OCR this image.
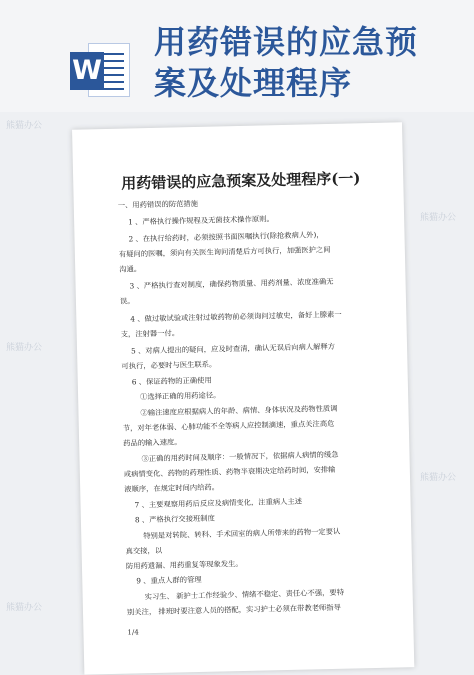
W
用药错误的应急预
案及处理程序
熊猫办公
熊猫办公
熊猫办公
熊猫办公
熊猫办公
用药错误的应急预案及处理程序(一)
一、用药错误的防范措施
1 、严格执行操作规程及无菌技术操作原则。
2 、在执行给药时，必须按照书面医嘱执行(除抢救病人外)，
有疑问的医嘱，须向有关医生询问清楚后方可执行，加强医护之间
沟通。
3 、严格执行查对制度，确保药物质量、用药剂量、浓度准确无
误。
4 、做过敏试验或注射过敏药物前必须询问过敏史，备好上腺素一
支，注射器一付。
5 、对病人提出的疑问，应及时查清，确认无误后向病人解释方
可执行，必要时与医生联系。
6 、保证药物的正确使用
①选择正确的用药途径。
②输注速度应根据病人的年龄、病情、身体状况及药物性质调
节，对年老体弱、心肺功能不全等病人应控制滴速，重点关注高危
药品的输入速度。
③正确的用药时间及顺序：一般情况下，依据病人病情的缓急
或病情变化、药物的药理性质、药物半衰期决定给药时间，安排输
液顺序，在规定时间内给药。
7 、主要观察用药后反应及病情变化，注重病人主述
8 、严格执行交接班制度
特别是对转院、转科、手术回室的病人所带来的药物一定要认
真交接，以
防用药遗漏、用药重复等现象发生。
9 、重点人群的管理
实习生、 新护士工作经验少、情绪不稳定、责任心不强，要特
别关注， 排班时要注意人员的搭配，实习护士必须在带教老师指导
1/4
